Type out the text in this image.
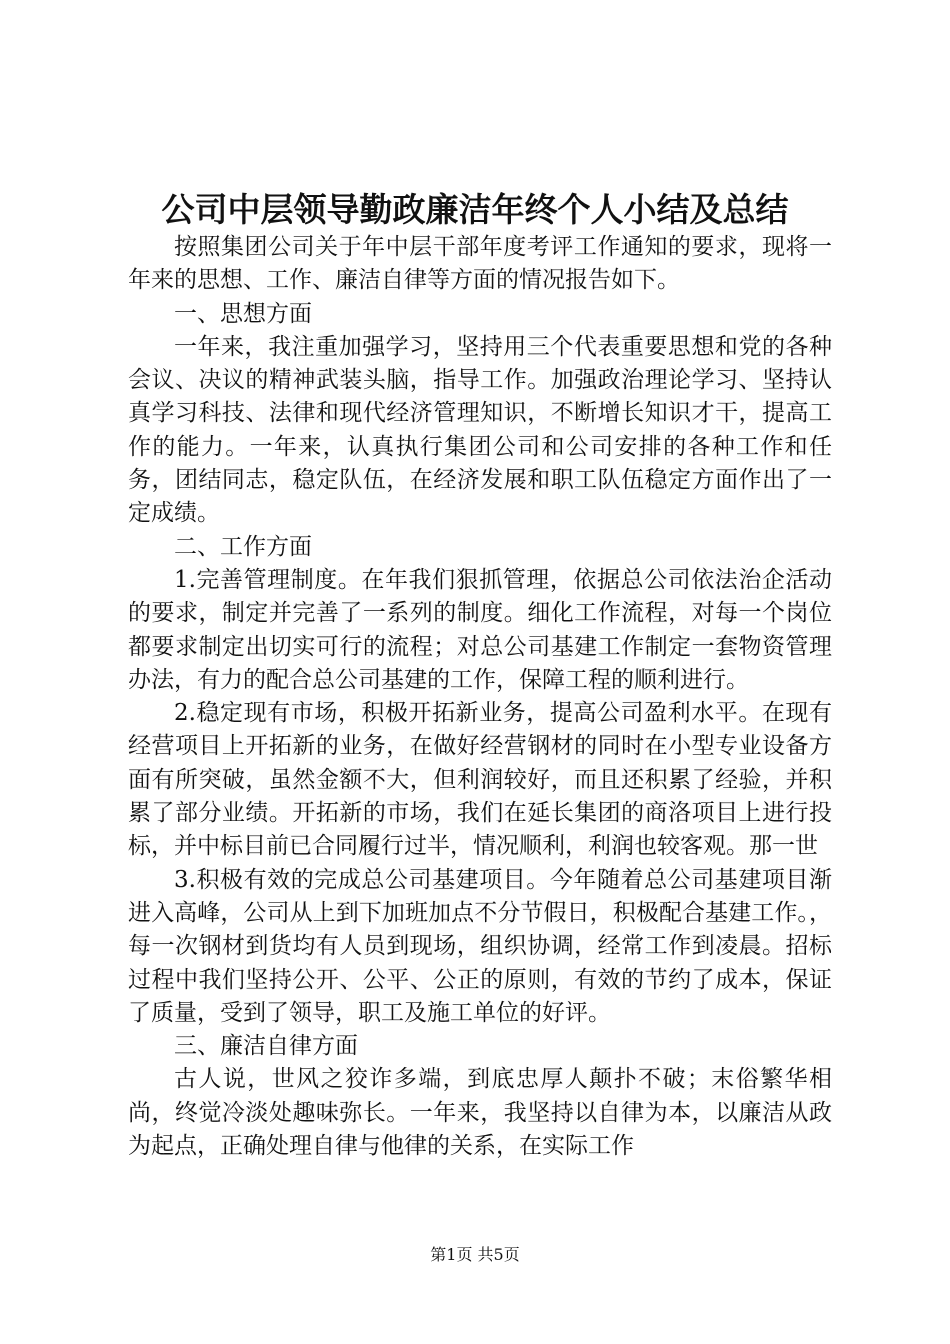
公司中层领导勤政廉洁年终个人小结及总结

按照集团公司关于年中层干部年度考评工作通知的要求，现将一年来的思想、工作、廉洁自律等方面的情况报告如下。

一、思想方面

一年来，我注重加强学习，坚持用三个代表重要思想和党的各种会议、决议的精神武装头脑，指导工作。加强政治理论学习、坚持认真学习科技、法律和现代经济管理知识，不断增长知识才干，提高工作的能力。一年来，认真执行集团公司和公司安排的各种工作和任务，团结同志，稳定队伍，在经济发展和职工队伍稳定方面作出了一定成绩。

二、工作方面

1.完善管理制度。在年我们狠抓管理，依据总公司依法治企活动的要求，制定并完善了一系列的制度。细化工作流程，对每一个岗位都要求制定出切实可行的流程；对总公司基建工作制定一套物资管理办法，有力的配合总公司基建的工作，保障工程的顺利进行。

2.稳定现有市场，积极开拓新业务，提高公司盈利水平。在现有经营项目上开拓新的业务，在做好经营钢材的同时在小型专业设备方面有所突破，虽然金额不大，但利润较好，而且还积累了经验，并积累了部分业绩。开拓新的市场，我们在延长集团的商洛项目上进行投标，并中标目前已合同履行过半，情况顺利，利润也较客观。那一世

3.积极有效的完成总公司基建项目。今年随着总公司基建项目渐进入高峰，公司从上到下加班加点不分节假日，积极配合基建工作。，每一次钢材到货均有人员到现场，组织协调，经常工作到凌晨。招标过程中我们坚持公开、公平、公正的原则，有效的节约了成本，保证了质量，受到了领导，职工及施工单位的好评。

三、廉洁自律方面

古人说，世风之狡诈多端，到底忠厚人颠扑不破；末俗繁华相尚，终觉冷淡处趣味弥长。一年来，我坚持以自律为本，以廉洁从政为起点，正确处理自律与他律的关系，在实际工作

第1页 共5页
